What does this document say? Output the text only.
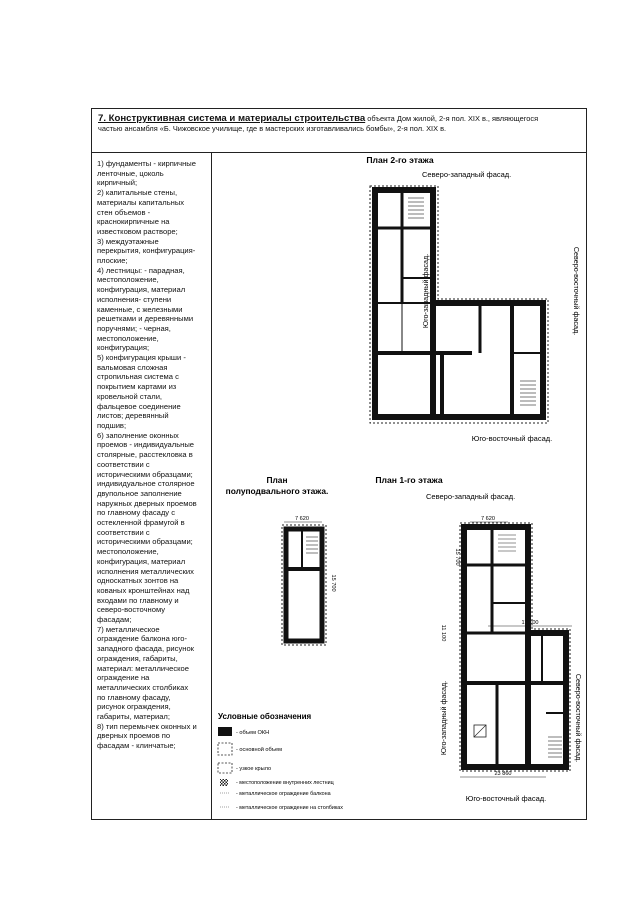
7. Конструктивная система и материалы строительства объекта Дом жилой, 2-я пол. XIX в., являющегося
частью ансамбля «Б. Чижовское училище, где в мастерских изготавливались бомбы», 2-я пол. XIX в.

1) фундаменты - кирпичные

ленточные, цоколь

кирпичный;

2) капитальные стены,

материалы капитальных

стен объемов -

краснокирпичные на

известковом растворе;

3) междуэтажные

перекрытия, конфигурация-

плоские;

4) лестницы: - парадная,

местоположение,

конфигурация, материал

исполнения- ступени

каменные, с железными

решетками и деревянными

поручнями; - черная,

местоположение,

конфигурация;

5) конфигурация крыши -

вальмовая сложная

стропильная система с

покрытием картами из

кровельной стали,

фальцевое соединение

листов; деревянный

подшив;

6) заполнение оконных

проемов - индивидуальные

столярные, расстекловка в

соответствии с

историческими образцами;

индивидуальное столярное

двупольное заполнение

наружных дверных проемов

по главному фасаду с

остекленной фрамугой в

соответствии с

историческими образцами;

местоположение,

конфигурация, материал

исполнения металлических

односкатных зонтов на

кованых кронштейнах над

входами по главному и

северо-восточному

фасадам;

7) металлическое

ограждение балкона юго-

западного фасада, рисунок

ограждения, габариты,

материал: металлическое

ограждение на

металлических столбиках

по главному фасаду,

рисунок ограждения,

габариты, материал;

8) тип перемычек оконных и

дверных проемов по

фасадам - клинчатые;

План 2-го этажа
Северо-западный фасад.
Юго-западный фасад.	Северо-восточный фасад.
Юго-восточный фасад.
План
полуподвального этажа.
7 620
15 700
План 1-го этажа
Северо-западный фасад.
Юго-западный фасад.	Северо-восточный фасад.
Юго-восточный фасад.
7 620
17 100
23 860
15 700
11 100
Условные обозначения
- объем ОКН
- основной объем
- узкое крыло
- местоположение внутренних лестниц
- металлическое ограждение балкона
- металлическое ограждение на столбиках
